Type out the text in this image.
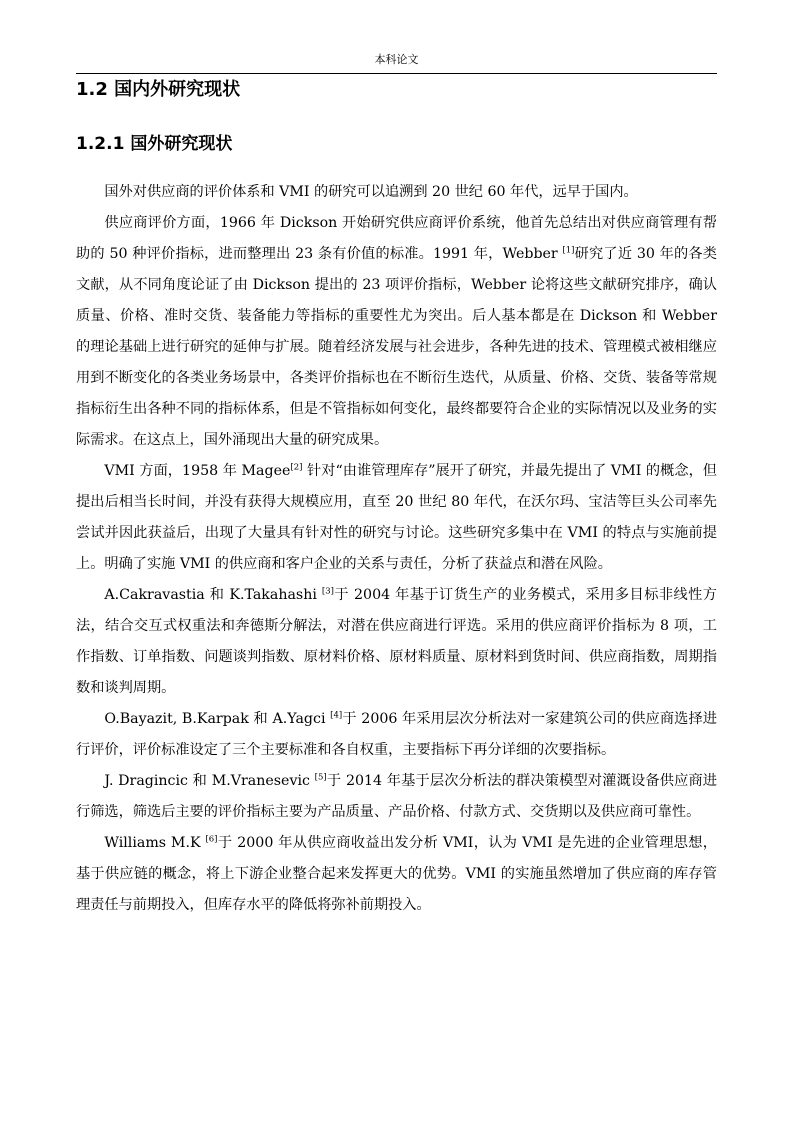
本科论文
1.2 国内外研究现状
1.2.1 国外研究现状

国外对供应商的评价体系和 VMI 的研究可以追溯到 20 世纪 60 年代，远早于国内。

供应商评价方面，1966 年 Dickson 开始研究供应商评价系统，他首先总结出对供应商管理有帮助的 50 种评价指标，进而整理出 23 条有价值的标准。1991 年，Webber [1]研究了近 30 年的各类文献，从不同角度论证了由 Dickson 提出的 23 项评价指标，Webber 论将这些文献研究排序，确认质量、价格、准时交货、装备能力等指标的重要性尤为突出。后人基本都是在 Dickson 和 Webber 的理论基础上进行研究的延伸与扩展。随着经济发展与社会进步，各种先进的技术、管理模式被相继应用到不断变化的各类业务场景中，各类评价指标也在不断衍生迭代，从质量、价格、交货、装备等常规指标衍生出各种不同的指标体系，但是不管指标如何变化，最终都要符合企业的实际情况以及业务的实际需求。在这点上，国外涌现出大量的研究成果。

VMI 方面，1958 年 Magee[2] 针对“由谁管理库存”展开了研究，并最先提出了 VMI 的概念，但提出后相当长时间，并没有获得大规模应用，直至 20 世纪 80 年代，在沃尔玛、宝洁等巨头公司率先尝试并因此获益后，出现了大量具有针对性的研究与讨论。这些研究多集中在 VMI 的特点与实施前提上。明确了实施 VMI 的供应商和客户企业的关系与责任，分析了获益点和潜在风险。

A.Cakravastia 和 K.Takahashi [3]于 2004 年基于订货生产的业务模式，采用多目标非线性方法，结合交互式权重法和奔德斯分解法，对潜在供应商进行评选。采用的供应商评价指标为 8 项，工作指数、订单指数、问题谈判指数、原材料价格、原材料质量、原材料到货时间、供应商指数，周期指数和谈判周期。

O.Bayazit, B.Karpak 和 A.Yagci [4]于 2006 年采用层次分析法对一家建筑公司的供应商选择进行评价，评价标准设定了三个主要标准和各自权重，主要指标下再分详细的次要指标。

J. Dragincic 和 M.Vranesevic [5]于 2014 年基于层次分析法的群决策模型对灌溉设备供应商进行筛选，筛选后主要的评价指标主要为产品质量、产品价格、付款方式、交货期以及供应商可靠性。

Williams M.K [6]于 2000 年从供应商收益出发分析 VMI，认为 VMI 是先进的企业管理思想，基于供应链的概念，将上下游企业整合起来发挥更大的优势。VMI 的实施虽然增加了供应商的库存管理责任与前期投入，但库存水平的降低将弥补前期投入。
